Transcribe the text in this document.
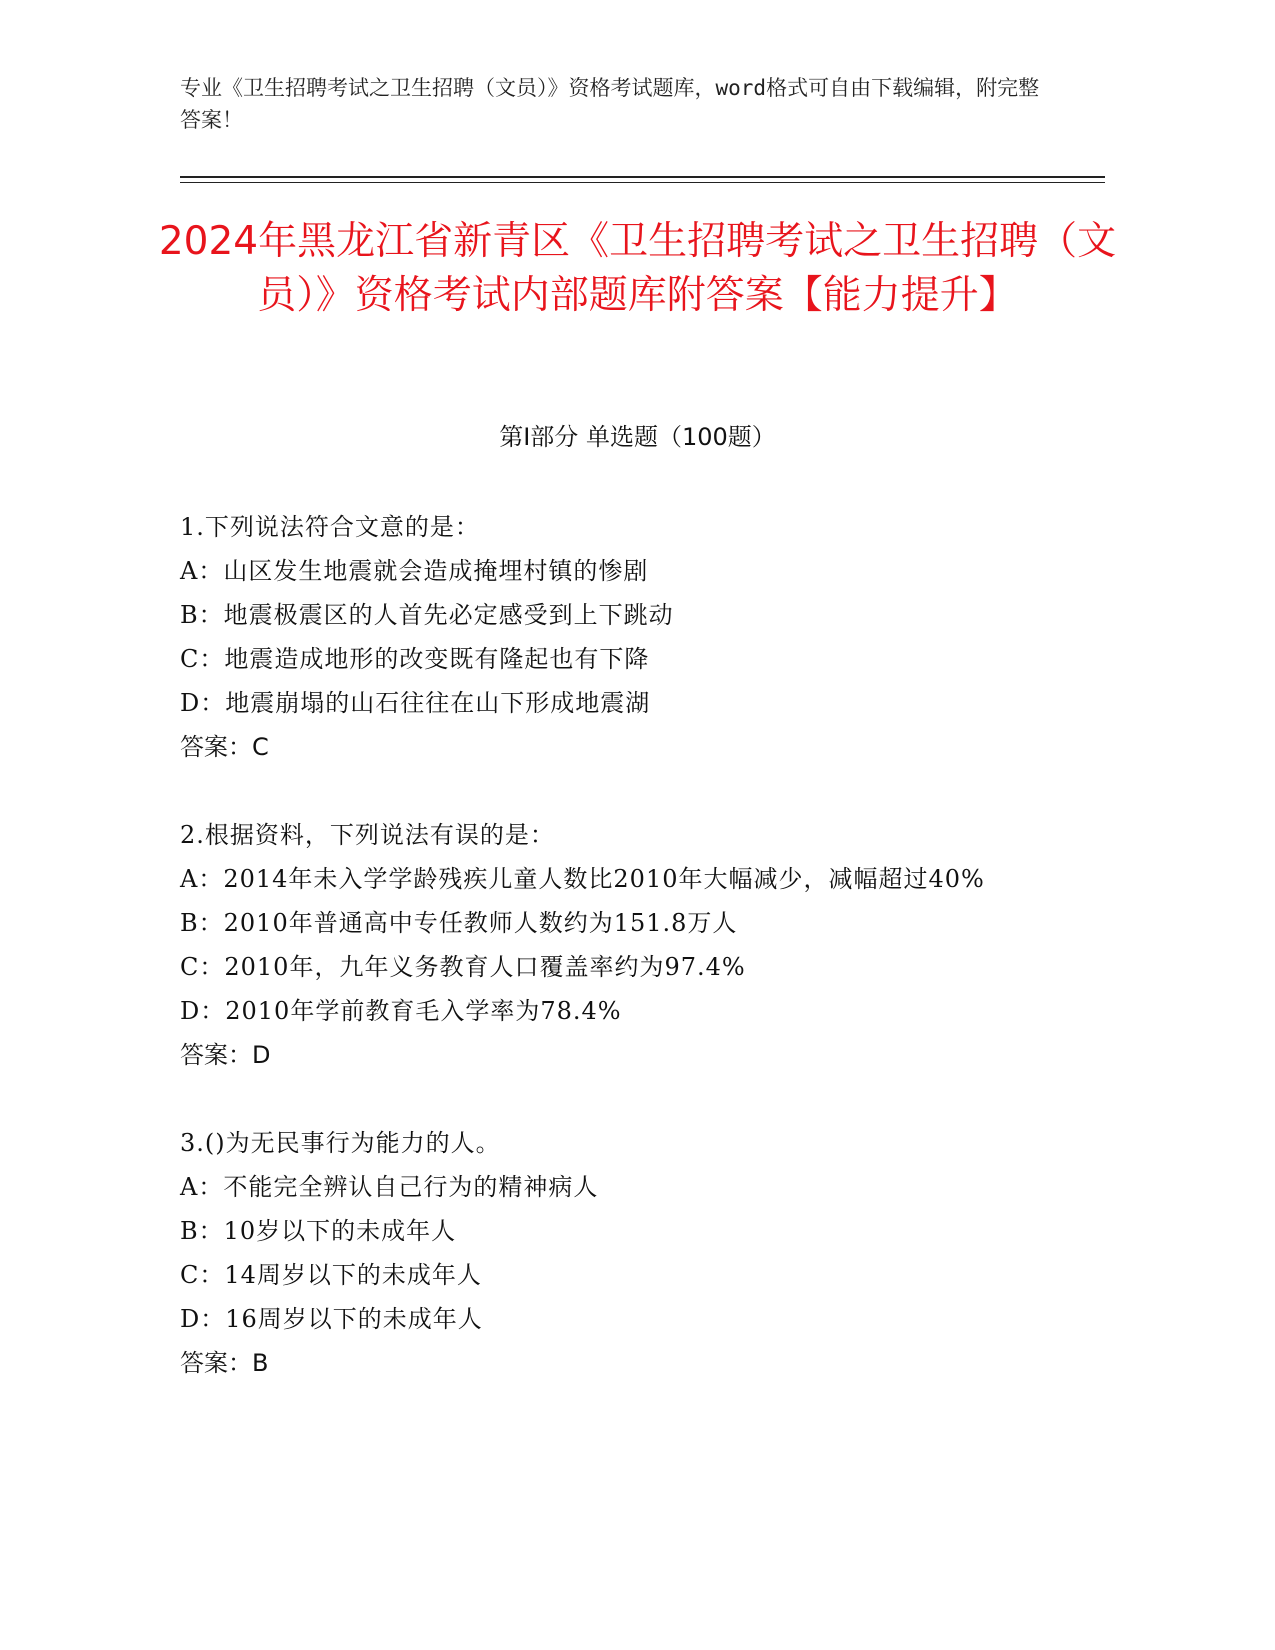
专业《卫生招聘考试之卫生招聘（文员）》资格考试题库，word格式可自由下载编辑，附完整答案！
2024年黑龙江省新青区《卫生招聘考试之卫生招聘（文员）》资格考试内部题库附答案【能力提升】
第I部分 单选题（100题）
1.下列说法符合文意的是：
A：山区发生地震就会造成掩埋村镇的惨剧
B：地震极震区的人首先必定感受到上下跳动
C：地震造成地形的改变既有隆起也有下降
D：地震崩塌的山石往往在山下形成地震湖
答案：C
2.根据资料，下列说法有误的是：
A：2014年未入学学龄残疾儿童人数比2010年大幅减少，减幅超过40%
B：2010年普通高中专任教师人数约为151.8万人
C：2010年，九年义务教育人口覆盖率约为97.4%
D：2010年学前教育毛入学率为78.4%
答案：D
3.()为无民事行为能力的人。
A：不能完全辨认自己行为的精神病人
B：10岁以下的未成年人
C：14周岁以下的未成年人
D：16周岁以下的未成年人
答案：B
